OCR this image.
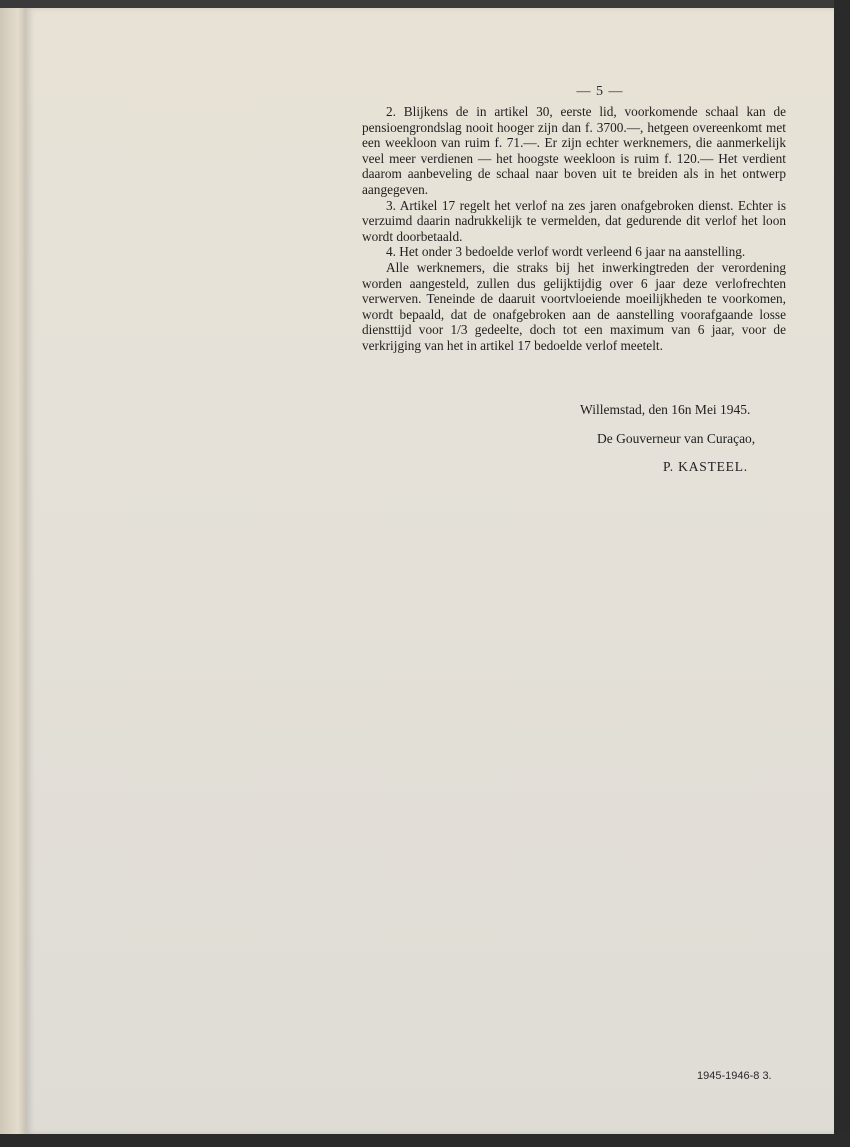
— 5 —

2. Blijkens de in artikel 30, eerste lid, voorkomende schaal kan de pensioengrondslag nooit hooger zijn dan f. 3700.—, hetgeen overeenkomt met een weekloon van ruim f. 71.—. Er zijn echter werknemers, die aanmerkelijk veel meer verdienen — het hoogste weekloon is ruim f. 120.— Het verdient daarom aanbeveling de schaal naar boven uit te breiden als in het ontwerp aangegeven.

3. Artikel 17 regelt het verlof na zes jaren onafgebroken dienst. Echter is verzuimd daarin nadrukkelijk te vermelden, dat gedurende dit verlof het loon wordt doorbetaald.

4. Het onder 3 bedoelde verlof wordt verleend 6 jaar na aanstelling.

Alle werknemers, die straks bij het inwerkingtreden der verordening worden aangesteld, zullen dus gelijktijdig over 6 jaar deze verlofrechten verwerven. Teneinde de daaruit voortvloeiende moeilijkheden te voorkomen, wordt bepaald, dat de onafgebroken aan de aanstelling voorafgaande losse diensttijd voor 1/3 gedeelte, doch tot een maximum van 6 jaar, voor de verkrijging van het in artikel 17 bedoelde verlof meetelt.

Willemstad, den 16n Mei 1945.
De Gouverneur van Curaçao,
P. KASTEEL.
1945-1946-8 3.
